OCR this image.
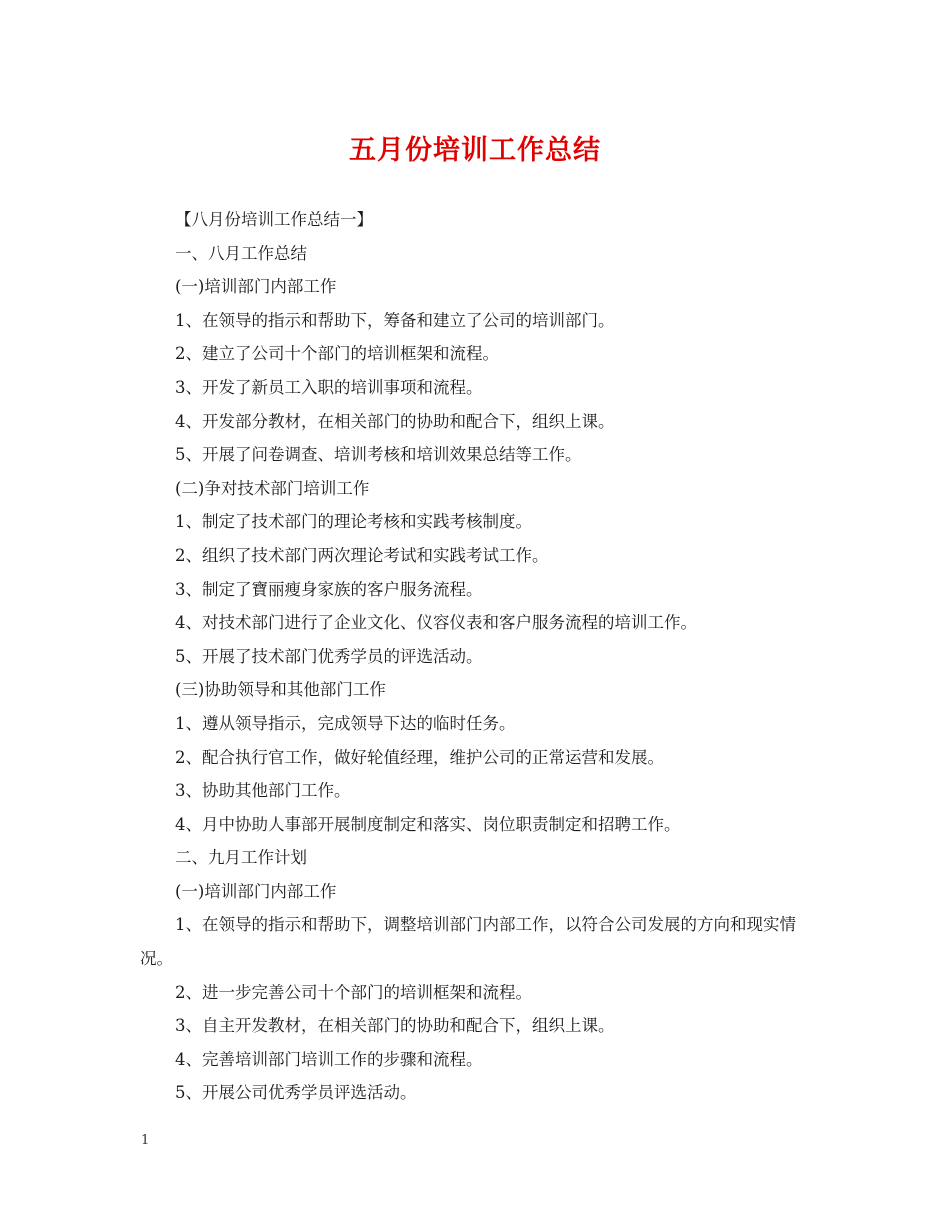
五月份培训工作总结

【八月份培训工作总结一】

一、八月工作总结

(一)培训部门内部工作

1、在领导的指示和帮助下，筹备和建立了公司的培训部门。

2、建立了公司十个部门的培训框架和流程。

3、开发了新员工入职的培训事项和流程。

4、开发部分教材，在相关部门的协助和配合下，组织上课。

5、开展了问卷调查、培训考核和培训效果总结等工作。

(二)争对技术部门培训工作

1、制定了技术部门的理论考核和实践考核制度。

2、组织了技术部门两次理论考试和实践考试工作。

3、制定了寶丽瘦身家族的客户服务流程。

4、对技术部门进行了企业文化、仪容仪表和客户服务流程的培训工作。

5、开展了技术部门优秀学员的评选活动。

(三)协助领导和其他部门工作

1、遵从领导指示，完成领导下达的临时任务。

2、配合执行官工作，做好轮值经理，维护公司的正常运营和发展。

3、协助其他部门工作。

4、月中协助人事部开展制度制定和落实、岗位职责制定和招聘工作。

二、九月工作计划

(一)培训部门内部工作

1、在领导的指示和帮助下，调整培训部门内部工作，以符合公司发展的方向和现实情况。

2、进一步完善公司十个部门的培训框架和流程。

3、自主开发教材，在相关部门的协助和配合下，组织上课。

4、完善培训部门培训工作的步骤和流程。

5、开展公司优秀学员评选活动。

1
